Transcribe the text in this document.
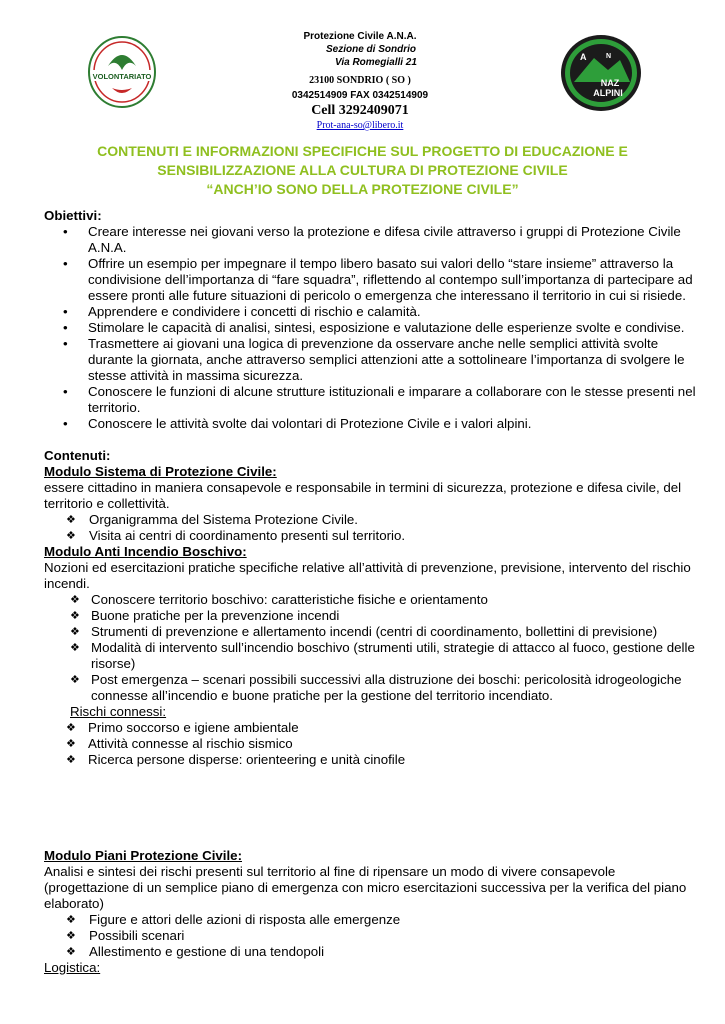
VOLONTARIATO
A	N
NAZ
ALPINI
Protezione Civile A.N.A.
Sezione di Sondrio
Via Romegialli 21
23100 SONDRIO ( SO )
0342514909 FAX 0342514909
Cell 3292409071
Prot-ana-so@libero.it
CONTENUTI E INFORMAZIONI SPECIFICHE SUL PROGETTO DI EDUCAZIONE E
SENSIBILIZZAZIONE ALLA CULTURA DI PROTEZIONE CIVILE
“ANCH’IO SONO DELLA PROTEZIONE CIVILE”
Obiettivi:
• Creare interesse nei giovani verso la protezione e difesa civile attraverso i gruppi di Protezione Civile A.N.A.
• Offrire un esempio per impegnare il tempo libero basato sui valori dello “stare insieme” attraverso la condivisione dell’importanza di “fare squadra”, riflettendo al contempo sull’importanza di partecipare ad essere pronti alle future situazioni di pericolo o emergenza che interessano il territorio in cui si risiede.
• Apprendere e condividere i concetti di rischio e calamità.
• Stimolare le capacità di analisi, sintesi, esposizione e valutazione delle esperienze svolte e condivise.
• Trasmettere ai giovani una logica di prevenzione da osservare anche nelle semplici attività svolte durante la giornata, anche attraverso semplici attenzioni atte a sottolineare l’importanza di svolgere le stesse attività in massima sicurezza.
• Conoscere le funzioni di alcune strutture istituzionali e imparare a collaborare con le stesse presenti nel territorio.
• Conoscere le attività svolte dai volontari di Protezione Civile e i valori alpini.
Contenuti:
Modulo Sistema di Protezione Civile:
essere cittadino in maniera consapevole e responsabile in termini di sicurezza, protezione e difesa civile, del territorio e collettività.
❖ Organigramma del Sistema Protezione Civile.
❖ Visita ai centri di coordinamento presenti sul territorio.
Modulo Anti Incendio Boschivo:
Nozioni ed esercitazioni pratiche specifiche relative all’attività di prevenzione, previsione, intervento del rischio incendi.
❖ Conoscere territorio boschivo: caratteristiche fisiche e orientamento
❖ Buone pratiche per la prevenzione incendi
❖ Strumenti di prevenzione e allertamento incendi (centri di coordinamento, bollettini di previsione)
❖ Modalità di intervento sull’incendio boschivo (strumenti utili, strategie di attacco al fuoco, gestione delle risorse)
❖ Post emergenza – scenari possibili successivi alla distruzione dei boschi: pericolosità idrogeologiche connesse all’incendio e buone pratiche per la gestione del territorio incendiato.
Rischi connessi:
❖ Primo soccorso e igiene ambientale
❖ Attività connesse al rischio sismico
❖ Ricerca persone disperse: orienteering e unità cinofile
Modulo Piani Protezione Civile:
Analisi e sintesi dei rischi presenti sul territorio al fine di ripensare un modo di vivere consapevole (progettazione di un semplice piano di emergenza con micro esercitazioni successiva per la verifica del piano elaborato)
❖ Figure e attori delle azioni di risposta alle emergenze
❖ Possibili scenari
❖ Allestimento e gestione di una tendopoli
Logistica:
